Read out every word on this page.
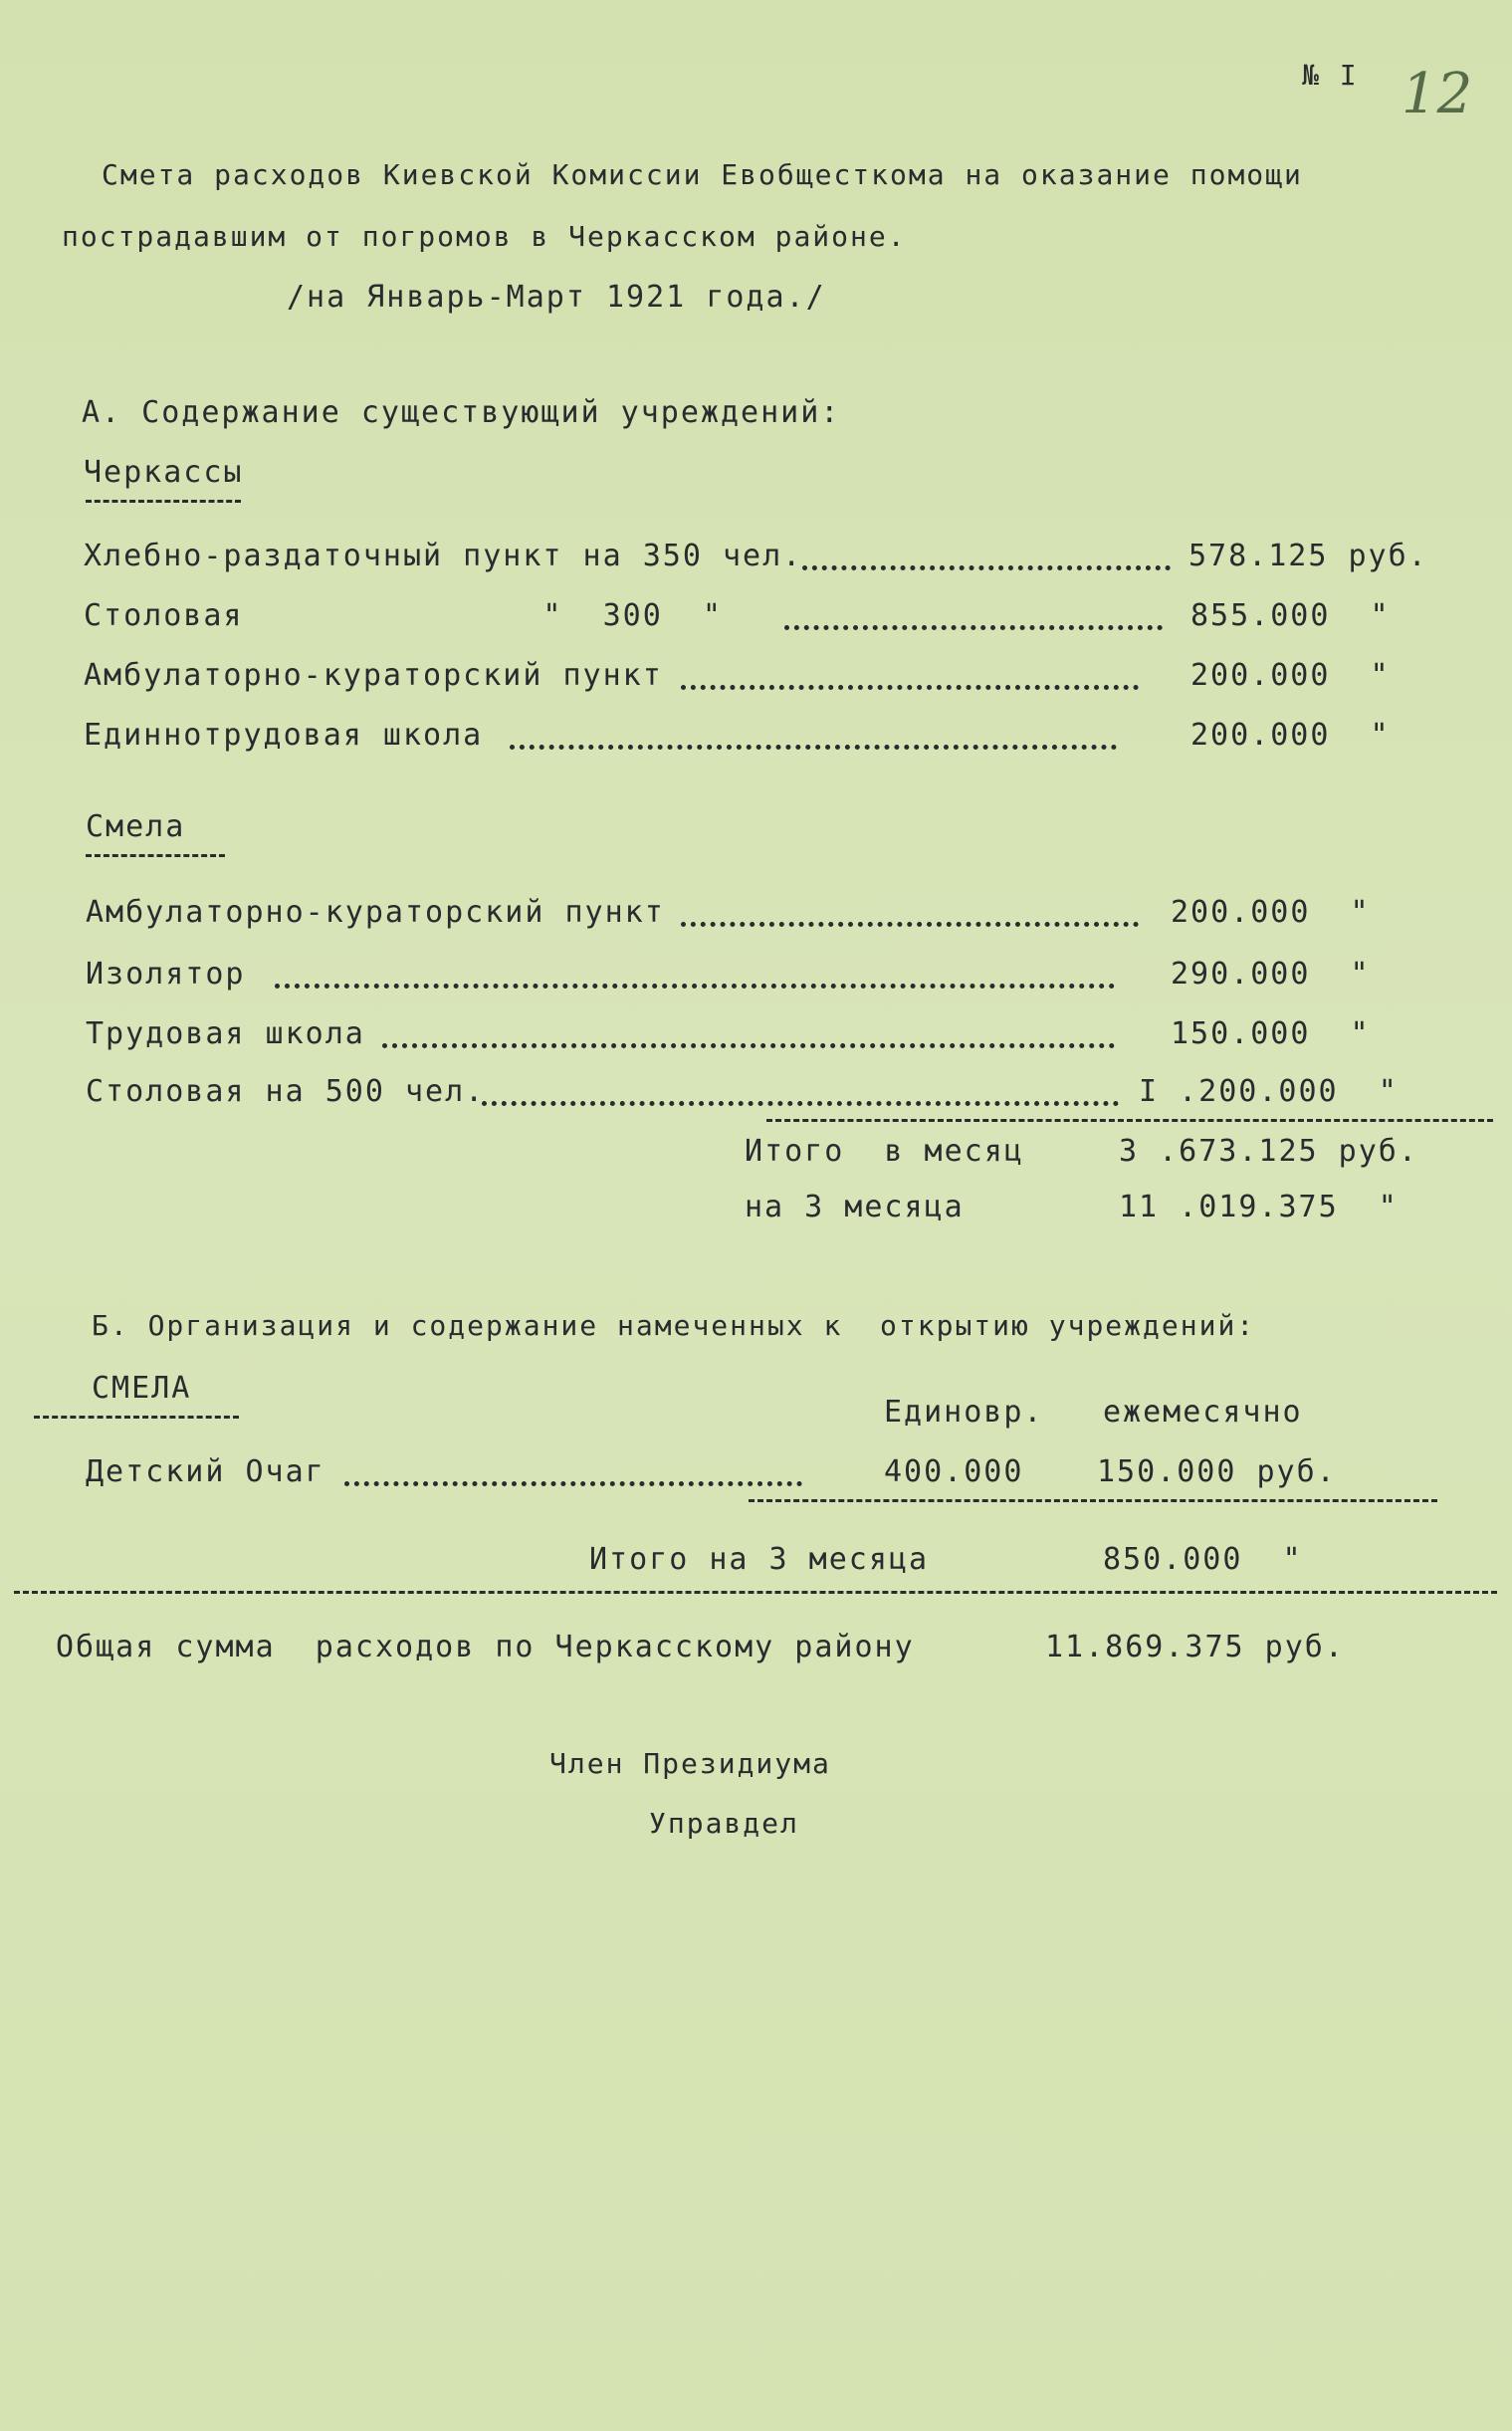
№ I 12
Смета расходов Киевской Комиссии Евобщесткома на оказание помощи
пострадавшим от погромов в Черкасском районе.
/на Январь-Март 1921 года./
А. Содержание существующий учреждений:
Черкассы
Хлебно-раздаточный пункт на 350 чел.	578.125 руб.
Столовая               "  300  "	855.000  "
Амбулаторно-кураторский пункт	200.000  "
Единнотрудовая школа	200.000  "
Смела
Амбулаторно-кураторский пункт	200.000  "
Изолятор	290.000  "
Трудовая школа	150.000  "
Столовая на 500 чел.	I .200.000  "
Итого  в месяц	3 .673.125 руб.
на 3 месяца	11 .019.375  "
Б. Организация и содержание намеченных к  открытию учреждений:
СМЕЛА
Единовр. ежемесячно
Детский Очаг	400.000 150.000 руб.
Итого на 3 месяца	850.000  "
Общая сумма  расходов по Черкасскому району	11.869.375 руб.
Член Президиума
Управдел
